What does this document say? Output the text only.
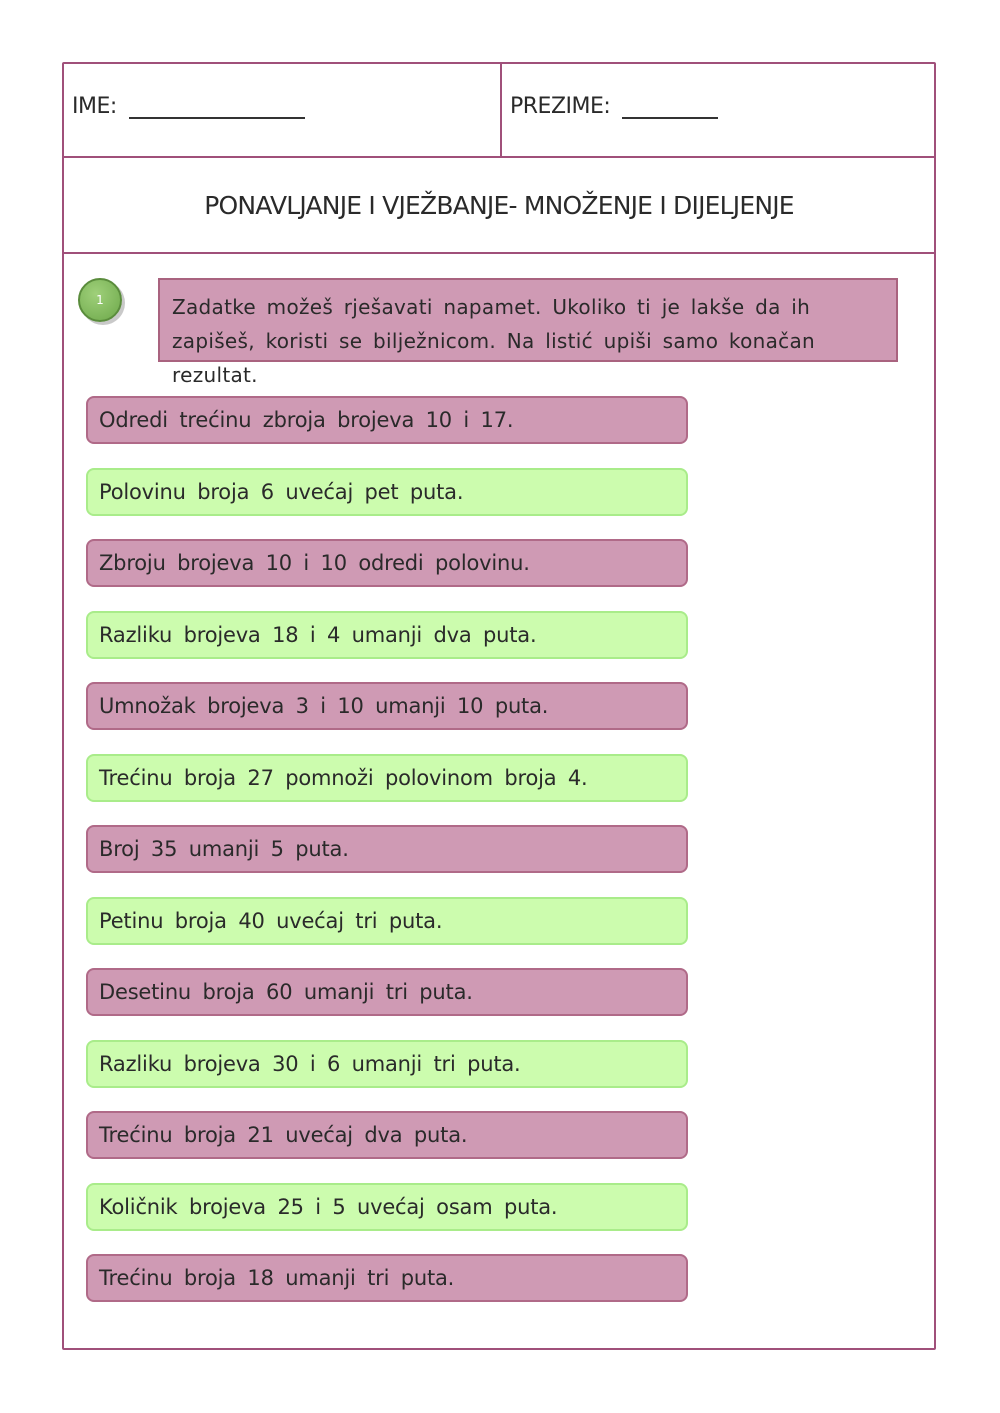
IME:	PREZIME:
PONAVLJANJE I VJEŽBANJE- MNOŽENJE I DIJELJENJE
1	Zadatke možeš rješavati napamet. Ukoliko ti je lakše da ih zapišeš, koristi se bilježnicom. Na listić upiši samo konačan rezultat.
Odredi trećinu zbroja brojeva 10 i 17.
Polovinu broja 6 uvećaj pet puta.
Zbroju brojeva 10 i 10 odredi polovinu.
Razliku brojeva 18 i 4 umanji dva puta.
Umnožak brojeva 3 i 10 umanji 10 puta.
Trećinu broja 27 pomnoži polovinom broja 4.
Broj 35 umanji 5 puta.
Petinu broja 40 uvećaj tri puta.
Desetinu broja 60 umanji tri puta.
Razliku brojeva 30 i 6 umanji tri puta.
Trećinu broja 21 uvećaj dva puta.
Količnik brojeva 25 i 5 uvećaj osam puta.
Trećinu broja 18 umanji tri puta.
